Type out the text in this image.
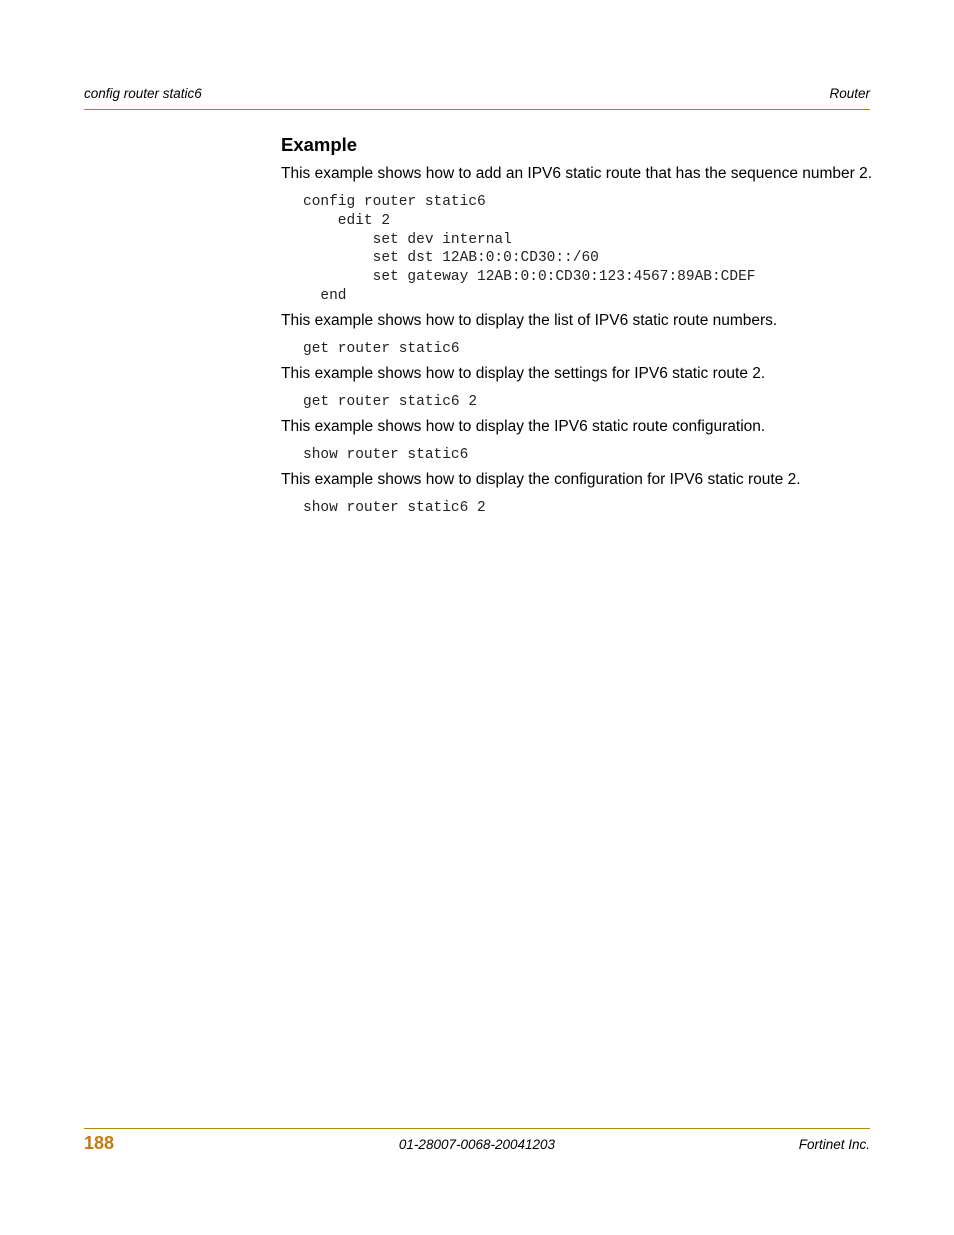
config router static6	Router
Example
This example shows how to add an IPV6 static route that has the sequence number 2.
config router static6
edit 2
set dev internal
set dst 12AB:0:0:CD30::/60
set gateway 12AB:0:0:CD30:123:4567:89AB:CDEF
end
This example shows how to display the list of IPV6 static route numbers.
get router static6
This example shows how to display the settings for IPV6 static route 2.
get router static6 2
This example shows how to display the IPV6 static route configuration.
show router static6
This example shows how to display the configuration for IPV6 static route 2.
show router static6 2
188	01-28007-0068-20041203	Fortinet Inc.
